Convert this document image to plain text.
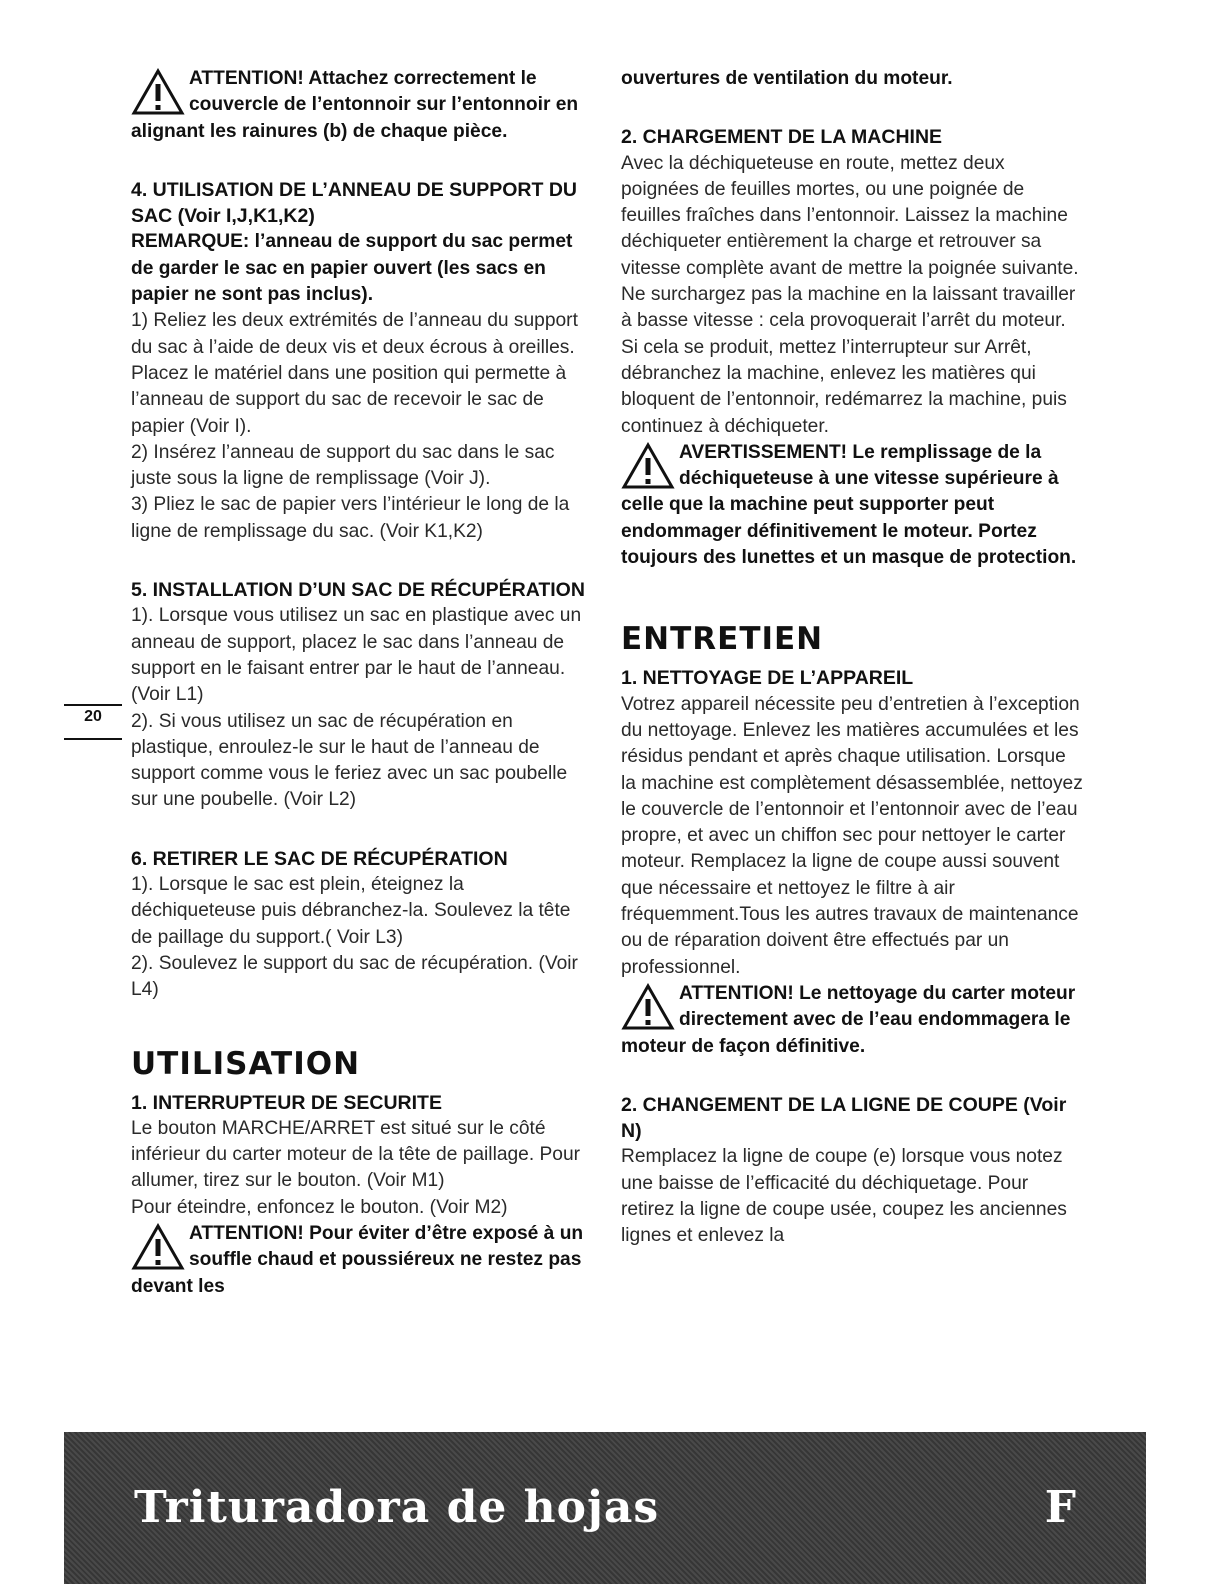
ATTENTION! Attachez correctement le couvercle de l’entonnoir sur l’entonnoir en alignant les rainures (b) de chaque pièce.

4. UTILISATION DE L’ANNEAU DE SUPPORT DU SAC (Voir I,J,K1,K2)

REMARQUE: l’anneau de support du sac permet de garder le sac en papier ouvert (les sacs en papier ne sont pas inclus).

1) Reliez les deux extrémités de l’anneau du support du sac à l’aide de deux vis et deux écrous à oreilles. Placez le matériel dans une position qui permette à l’anneau de support du sac de recevoir le sac de papier (Voir I).

2) Insérez l’anneau de support du sac dans le sac juste sous la ligne de remplissage (Voir J).

3) Pliez le sac de papier vers l’intérieur le long de la ligne de remplissage du sac. (Voir K1,K2)

5. INSTALLATION D’UN SAC DE RÉCUPÉRATION

1). Lorsque vous utilisez un sac en plastique avec un anneau de support, placez le sac dans l’anneau de support en le faisant entrer par le haut de l’anneau. (Voir L1)

2). Si vous utilisez un sac de récupération en plastique, enroulez-le sur le haut de l’anneau de support comme vous le feriez avec un sac poubelle sur une poubelle. (Voir L2)

6. RETIRER LE SAC DE RÉCUPÉRATION

1). Lorsque le sac est plein, éteignez la déchiqueteuse puis débranchez-la. Soulevez la tête de paillage du support.( Voir L3)

2). Soulevez le support du sac de récupération. (Voir L4)

UTILISATION

1. INTERRUPTEUR DE SECURITE

Le bouton MARCHE/ARRET est situé sur le côté inférieur du carter moteur de la tête de paillage. Pour allumer, tirez sur le bouton. (Voir M1)

Pour éteindre, enfoncez le bouton. (Voir M2)

ATTENTION! Pour éviter d’être exposé à un souffle chaud et poussiéreux ne restez pas devant les

ouvertures de ventilation du moteur.

2. CHARGEMENT DE LA MACHINE

Avec la déchiqueteuse en route, mettez deux poignées de feuilles mortes, ou une poignée de feuilles fraîches dans l’entonnoir. Laissez la machine déchiqueter entièrement la charge et retrouver sa vitesse complète avant de mettre la poignée suivante. Ne surchargez pas la machine en la laissant travailler à basse vitesse : cela provoquerait l’arrêt du moteur. Si cela se produit, mettez l’interrupteur sur Arrêt, débranchez la machine, enlevez les matières qui bloquent de l’entonnoir, redémarrez la machine, puis continuez à déchiqueter.

AVERTISSEMENT! Le remplissage de la déchiqueteuse à une vitesse supérieure à celle que la machine peut supporter peut endommager définitivement le moteur. Portez toujours des lunettes et un masque de protection.

ENTRETIEN

1. NETTOYAGE DE L’APPAREIL

Votrez appareil nécessite peu d’entretien à l’exception du nettoyage. Enlevez les matières accumulées et les résidus pendant et après chaque utilisation. Lorsque la machine est complètement désassemblée, nettoyez le couvercle de l’entonnoir et l’entonnoir avec de l’eau propre, et avec un chiffon sec pour nettoyer le carter moteur. Remplacez la ligne de coupe aussi souvent que nécessaire et nettoyez le filtre à air fréquemment.Tous les autres travaux de maintenance ou de réparation doivent être effectués par un professionnel.

ATTENTION! Le nettoyage du carter moteur directement avec de l’eau endommagera le moteur de façon définitive.

2. CHANGEMENT DE LA LIGNE DE COUPE (Voir N)

Remplacez la ligne de coupe (e) lorsque vous notez une baisse de l’efficacité du déchiquetage. Pour retirez la ligne de coupe usée, coupez les anciennes lignes et enlevez la

20
Trituradora de hojas	F
